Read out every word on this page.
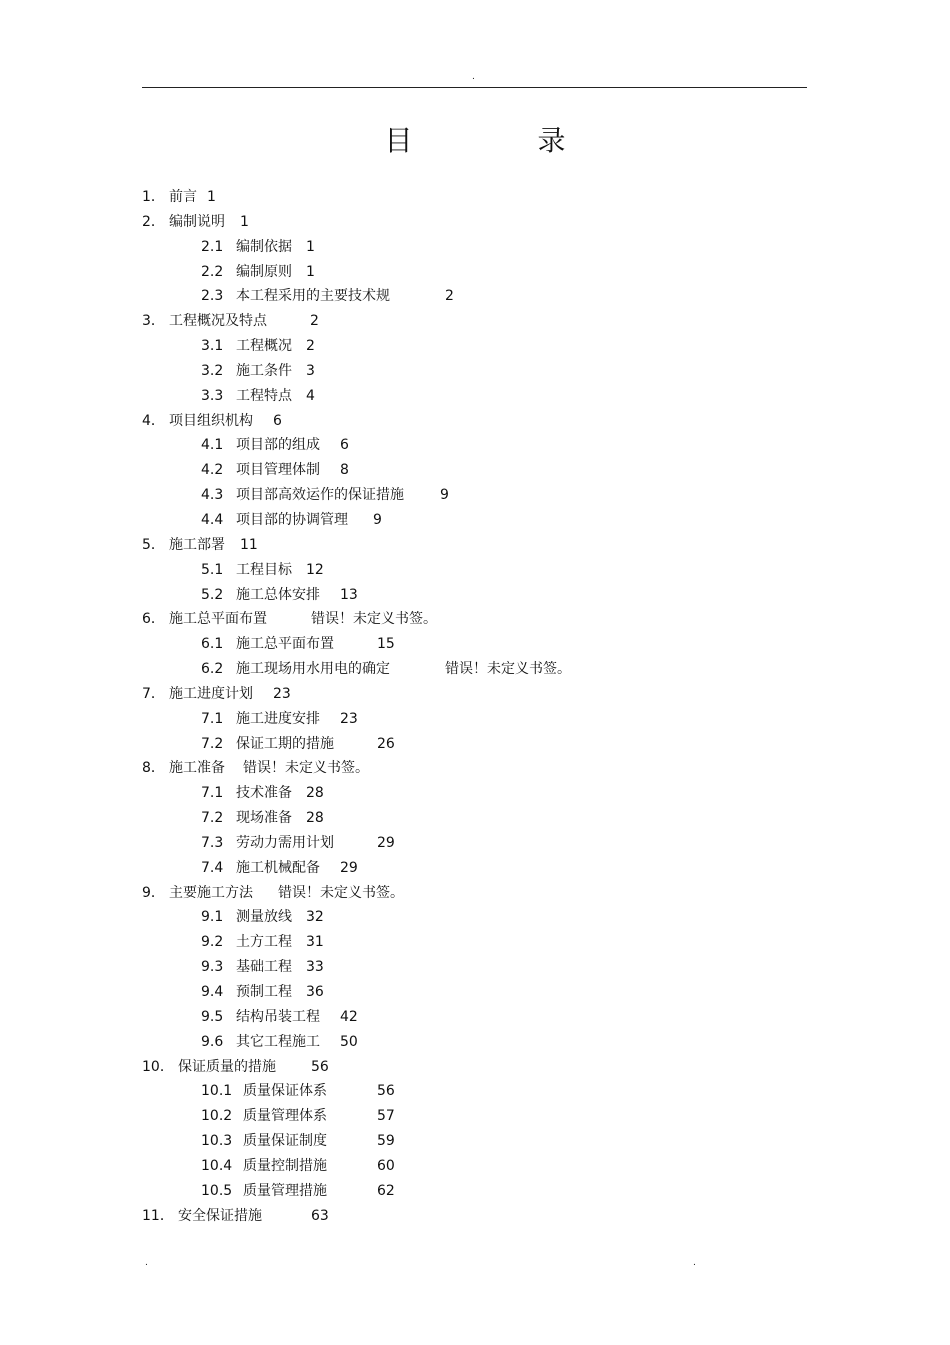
.
目 录
1． 前言 1
2． 编制说明 1
2.1 编制依据 1
2.2 编制原则 1
2.3 本工程采用的主要技术规	2
3． 工程概况及特点	2
3.1 工程概况 2
3.2 施工条件 3
3.3 工程特点 4
4． 项目组织机构 6
4.1 项目部的组成 6
4.2 项目管理体制 8
4.3 项目部高效运作的保证措施	9
4.4 项目部的协调管理 9
5． 施工部署 11
5.1 工程目标 12
5.2 施工总体安排 13
6． 施工总平面布置	错误！未定义书签。
6.1 施工总平面布置	15
6.2 施工现场用水用电的确定	错误！未定义书签。
7． 施工进度计划 23
7.1 施工进度安排 23
7.2 保证工期的措施	26
8． 施工准备 错误！未定义书签。
7.1 技术准备 28
7.2 现场准备 28
7.3 劳动力需用计划	29
7.4 施工机械配备 29
9． 主要施工方法 错误！未定义书签。
9.1 测量放线 32
9.2 土方工程 31
9.3 基础工程 33
9.4 预制工程 36
9.5 结构吊装工程 42
9.6 其它工程施工 50
10． 保证质量的措施	56
10.1 质量保证体系	56
10.2 质量管理体系	57
10.3 质量保证制度	59
10.4 质量控制措施	60
10.5 质量管理措施	62
11． 安全保证措施	63
.	.
